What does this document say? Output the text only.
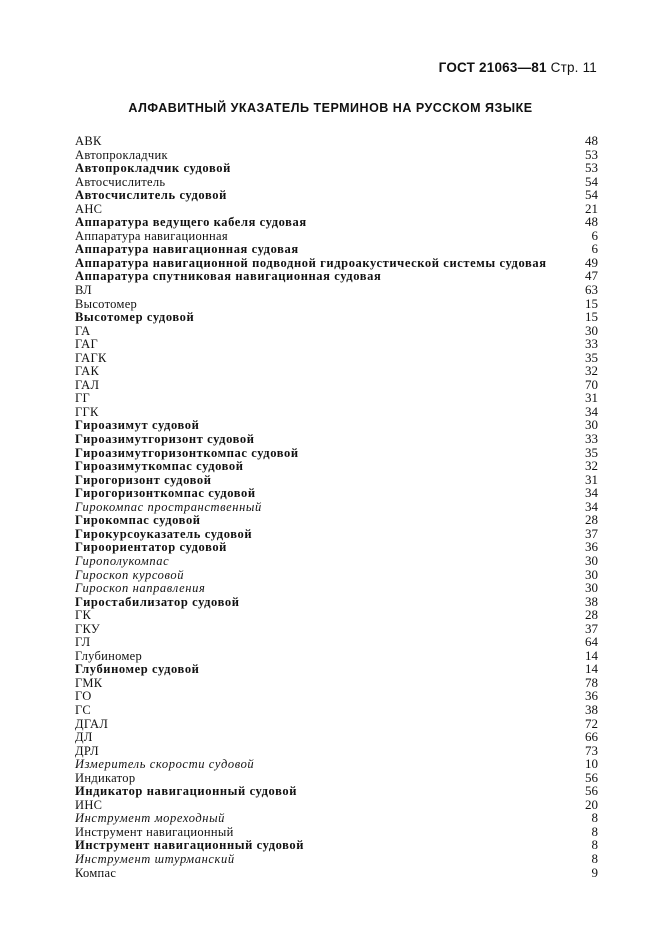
ГОСТ 21063—81 Стр. 11
АЛФАВИТНЫЙ УКАЗАТЕЛЬ ТЕРМИНОВ НА РУССКОМ ЯЗЫКЕ
АВК	48
Автопрокладчик	53
Автопрокладчик судовой	53
Автосчислитель	54
Автосчислитель судовой	54
АНС	21
Аппаратура ведущего кабеля судовая	48
Аппаратура навигационная	6
Аппаратура навигационная судовая	6
Аппаратура навигационной подводной гидроакустической системы судовая	49
Аппаратура спутниковая навигационная судовая	47
ВЛ	63
Высотомер	15
Высотомер судовой	15
ГА	30
ГАГ	33
ГАГК	35
ГАК	32
ГАЛ	70
ГГ	31
ГГК	34
Гироазимут судовой	30
Гироазимутгоризонт судовой	33
Гироазимутгоризонткомпас судовой	35
Гироазимуткомпас судовой	32
Гирогоризонт судовой	31
Гирогоризонткомпас судовой	34
Гирокомпас пространственный	34
Гирокомпас судовой	28
Гирокурсоуказатель судовой	37
Гироориентатор судовой	36
Гирополукомпас	30
Гироскоп курсовой	30
Гироскоп направления	30
Гиростабилизатор судовой	38
ГК	28
ГКУ	37
ГЛ	64
Глубиномер	14
Глубиномер судовой	14
ГМК	78
ГО	36
ГС	38
ДГАЛ	72
ДЛ	66
ДРЛ	73
Измеритель скорости судовой	10
Индикатор	56
Индикатор навигационный судовой	56
ИНС	20
Инструмент мореходный	8
Инструмент навигационный	8
Инструмент навигационный судовой	8
Инструмент штурманский	8
Компас	9
